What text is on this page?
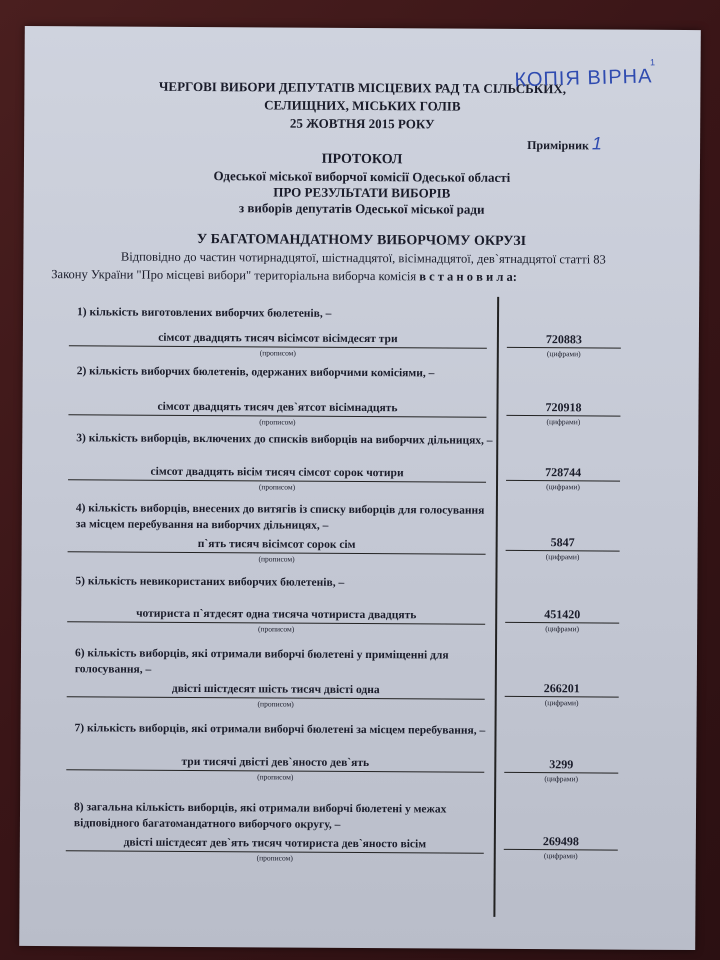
ЧЕРГОВІ ВИБОРИ ДЕПУТАТІВ МІСЦЕВИХ РАД ТА СІЛЬСЬКИХ,
СЕЛИЩНИХ, МІСЬКИХ ГОЛІВ
25 ЖОВТНЯ 2015 РОКУ
КОПІЯ ВІРНА
1
Примірник 1
ПРОТОКОЛ
Одеської міської виборчої комісії Одеської області
ПРО РЕЗУЛЬТАТИ ВИБОРІВ
з виборів депутатів Одеської міської ради
У БАГАТОМАНДАТНОМУ ВИБОРЧОМУ ОКРУЗІ
Відповідно до частин чотирнадцятої, шістнадцятої, вісімнадцятої, дев`ятнадцятої статті 83
Закону України "Про місцеві вибори" територіальна виборча комісія в с т а н о в и л а:
1) кількість виготовлених виборчих бюлетенів, –
сімсот двадцять тисяч вісімсот вісімдесят три
(прописом)
720883
(цифрами)
2) кількість виборчих бюлетенів, одержаних виборчими комісіями, –
сімсот двадцять тисяч дев`ятсот вісімнадцять
(прописом)
720918
(цифрами)
3) кількість виборців, включених до списків виборців на виборчих дільницях, –
сімсот двадцять вісім тисяч сімсот сорок чотири
(прописом)
728744
(цифрами)
4) кількість виборців, внесених до витягів із списку виборців для голосування за місцем перебування на виборчих дільницях, –
п`ять тисяч вісімсот сорок сім
(прописом)
5847
(цифрами)
5) кількість невикористаних виборчих бюлетенів, –
чотириста п`ятдесят одна тисяча чотириста двадцять
(прописом)
451420
(цифрами)
6) кількість виборців, які отримали виборчі бюлетені у приміщенні для голосування, –
двісті шістдесят шість тисяч двісті одна
(прописом)
266201
(цифрами)
7) кількість виборців, які отримали виборчі бюлетені за місцем перебування, –
три тисячі двісті дев`яносто дев`ять
(прописом)
3299
(цифрами)
8) загальна кількість виборців, які отримали виборчі бюлетені у межах відповідного багатомандатного виборчого округу, –
двісті шістдесят дев`ять тисяч чотириста дев`яносто вісім
(прописом)
269498
(цифрами)
